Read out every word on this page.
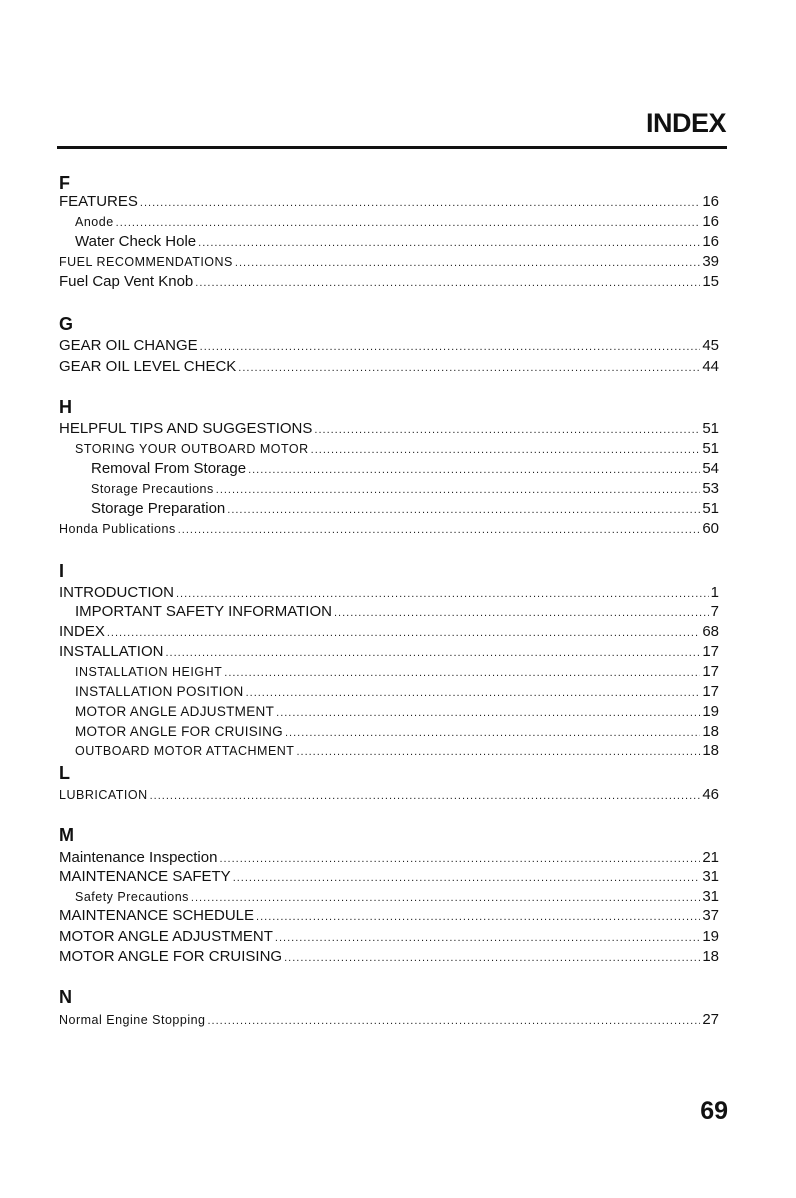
INDEX
F
FEATURES .....	16
Anode .....	16
Water Check Hole .....	16
FUEL RECOMMENDATIONS .....	39
Fuel Cap Vent Knob .....	15
G
GEAR OIL CHANGE .....	45
GEAR OIL LEVEL CHECK .....	44
H
HELPFUL TIPS AND SUGGESTIONS .....	51
STORING YOUR OUTBOARD MOTOR .....	51
Removal From Storage .....	54
Storage Precautions .....	53
Storage Preparation .....	51
Honda Publications .....	60
I
INTRODUCTION .....	1
IMPORTANT SAFETY INFORMATION .....	7
INDEX .....	68
INSTALLATION .....	17
INSTALLATION HEIGHT .....	17
INSTALLATION POSITION .....	17
MOTOR ANGLE ADJUSTMENT .....	19
MOTOR ANGLE FOR CRUISING .....	18
OUTBOARD MOTOR ATTACHMENT .....	18
L
LUBRICATION .....	46
M
Maintenance Inspection .....	21
MAINTENANCE SAFETY .....	31
Safety Precautions .....	31
MAINTENANCE SCHEDULE .....	37
MOTOR ANGLE ADJUSTMENT .....	19
MOTOR ANGLE FOR CRUISING .....	18
N
Normal Engine Stopping .....	27
69
